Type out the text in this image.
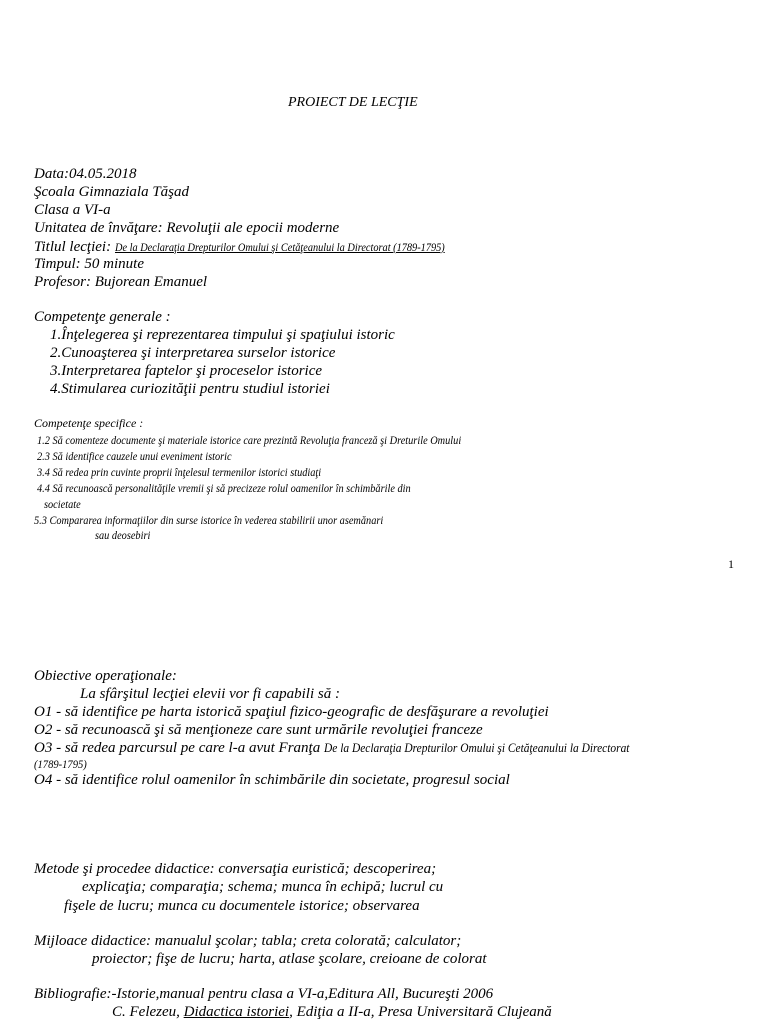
PROIECT DE LECŢIE
Data:04.05.2018
Şcoala Gimnaziala Tăşad
Clasa a VI-a
Unitatea de învăţare: Revoluţii ale epocii moderne
Titlul lecţiei: De la Declaraţia Drepturilor Omului şi Cetăţeanului la Directorat (1789-1795)
Timpul: 50 minute
Profesor: Bujorean Emanuel
Competenţe generale :
1.Înţelegerea şi reprezentarea timpului şi spaţiului istoric
2.Cunoaşterea şi interpretarea surselor istorice
3.Interpretarea faptelor şi proceselor istorice
4.Stimularea curiozităţii pentru studiul istoriei
Competenţe specifice :
1.2 Să comenteze documente şi materiale istorice care prezintă Revoluţia franceză şi Dreturile Omului
2.3 Să identifice cauzele unui eveniment istoric
3.4 Să redea prin cuvinte proprii înţelesul termenilor istorici studiaţi
4.4 Să recunoască personalităţile vremii şi să precizeze rolul oamenilor în schimbările din
societate
5.3 Compararea informaţiilor din surse istorice în vederea stabilirii unor asemănari
sau deosebiri
1
Obiective operaţionale:
La sfârşitul lecţiei elevii vor fi capabili să :
O1 - să identifice pe harta istorică spaţiul fizico-geografic de desfăşurare a revoluţiei
O2 - să recunoască şi să menţioneze care sunt urmările revoluţiei franceze
O3 - să redea parcursul pe care l-a avut Franţa De la Declaraţia Drepturilor Omului şi Cetăţeanului la Directorat
(1789-1795)
O4 - să identifice rolul oamenilor în schimbările din societate, progresul social
Metode şi procedee didactice: conversaţia euristică; descoperirea;
explicaţia; comparaţia; schema; munca în echipă; lucrul cu
fişele de lucru; munca cu documentele istorice; observarea
Mijloace didactice: manualul şcolar; tabla; creta colorată; calculator;
proiector; fişe de lucru; harta, atlase şcolare, creioane de colorat
Bibliografie:-Istorie,manual pentru clasa a VI-a,Editura All, Bucureşti 2006
C. Felezeu, Didactica istoriei, Ediţia a II-a, Presa Universitară Clujeană
